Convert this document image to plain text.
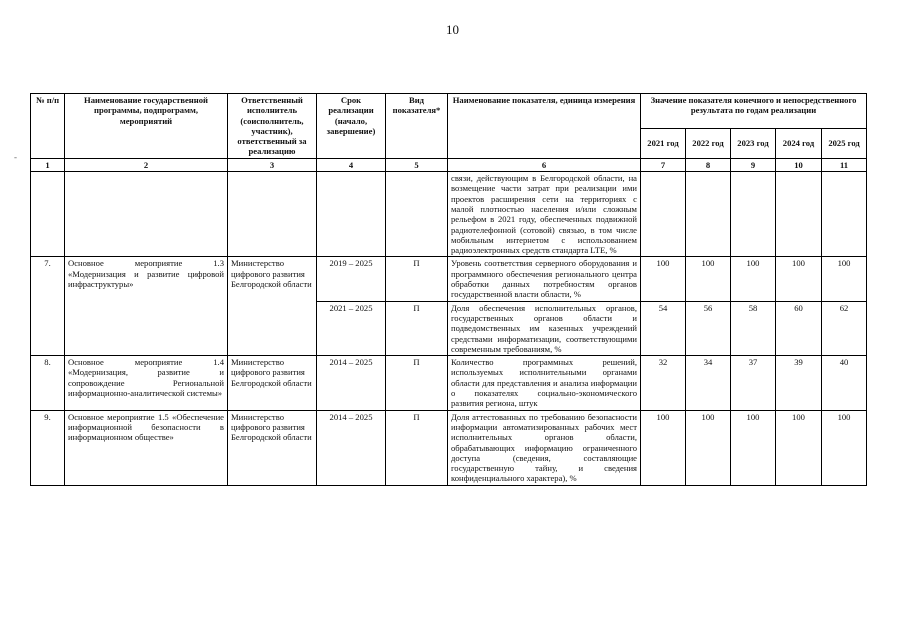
10
-
№ п/п	Наименование государственной программы, подпрограмм, мероприятий	Ответственный исполнитель (соисполнитель, участник), ответственный за реализацию	Срок реализации (начало, завершение)	Вид показателя*	Наименование показателя, единица измерения	Значение показателя конечного и непосредственного результата по годам реализации				
						2021 год	2022 год	2023 год	2024 год	2025 год
1	2	3	4	5	6	7	8	9	10	11
					связи, действующим в Белгородской области, на возмещение части затрат при реализации ими проектов расширения сети на территориях с малой плотностью населения и/или сложным рельефом в 2021 году, обеспеченных подвижной радиотелефонной (сотовой) связью, в том числе мобильным интернетом с использованием радиоэлектронных средств стандарта LTE, %					
7.	Основное мероприятие 1.3 «Модернизация и развитие цифровой инфраструктуры»	Министерство цифрового развития Белгородской области	2019 – 2025	П	Уровень соответствия серверного оборудования и программного обеспечения регионального центра обработки данных потребностям органов государственной власти области, %	100	100	100	100	100
			2021 – 2025	П	Доля обеспечения исполнительных органов, государственных органов области и подведомственных им казенных учреждений средствами информатизации, соответствующими современным требованиям, %	54	56	58	60	62
8.	Основное мероприятие 1.4 «Модернизация, развитие и сопровождение Региональной информационно-аналитической системы»	Министерство цифрового развития Белгородской области	2014 – 2025	П	Количество программных решений, используемых исполнительными органами области для представления и анализа информации о показателях социально-экономического развития региона, штук	32	34	37	39	40
9.	Основное мероприятие 1.5 «Обеспечение информационной безопасности в информационном обществе»	Министерство цифрового развития Белгородской области	2014 – 2025	П	Доля аттестованных по требованию безопасности информации автоматизированных рабочих мест исполнительных органов области, обрабатывающих информацию ограниченного доступа (сведения, составляющие государственную тайну, и сведения конфиденциального характера), %	100	100	100	100	100
